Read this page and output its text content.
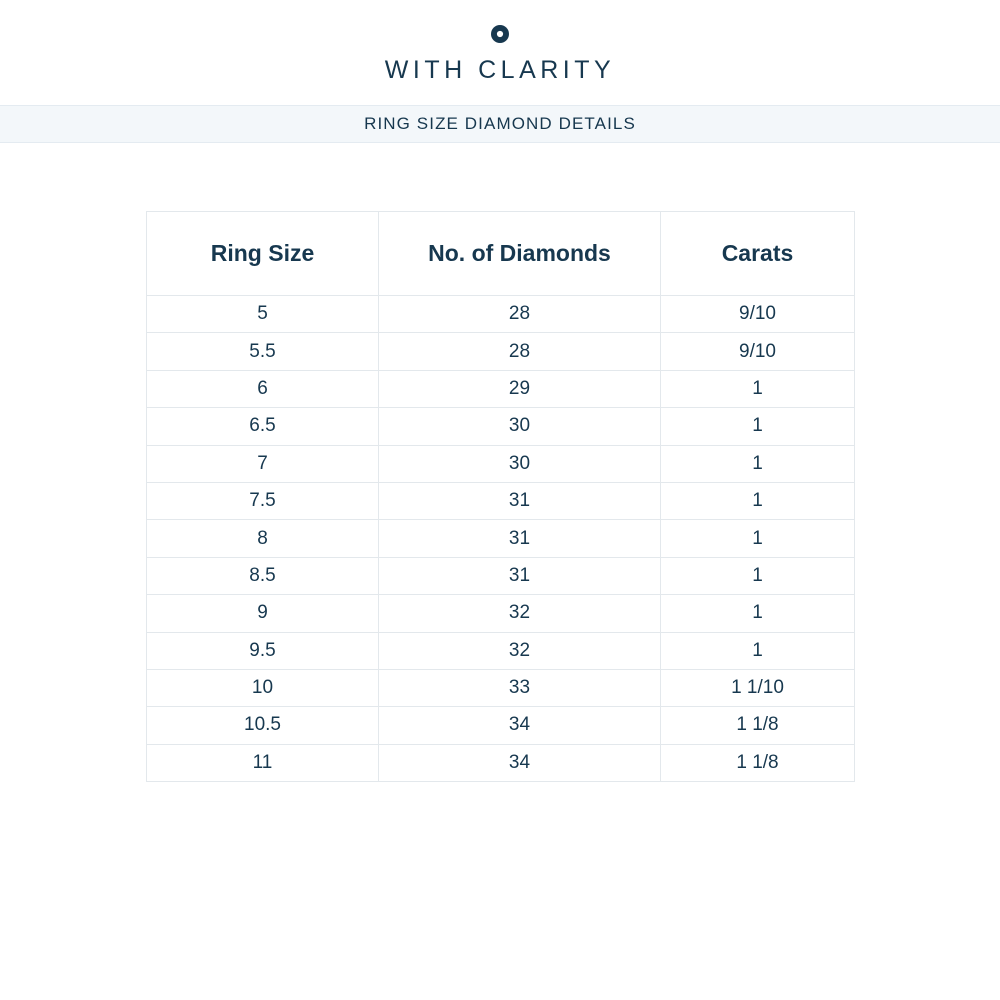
WITH CLARITY
RING SIZE DIAMOND DETAILS
Ring Size	No. of Diamonds	Carats
5	28	9/10
5.5	28	9/10
6	29	1
6.5	30	1
7	30	1
7.5	31	1
8	31	1
8.5	31	1
9	32	1
9.5	32	1
10	33	1 1/10
10.5	34	1 1/8
11	34	1 1/8
